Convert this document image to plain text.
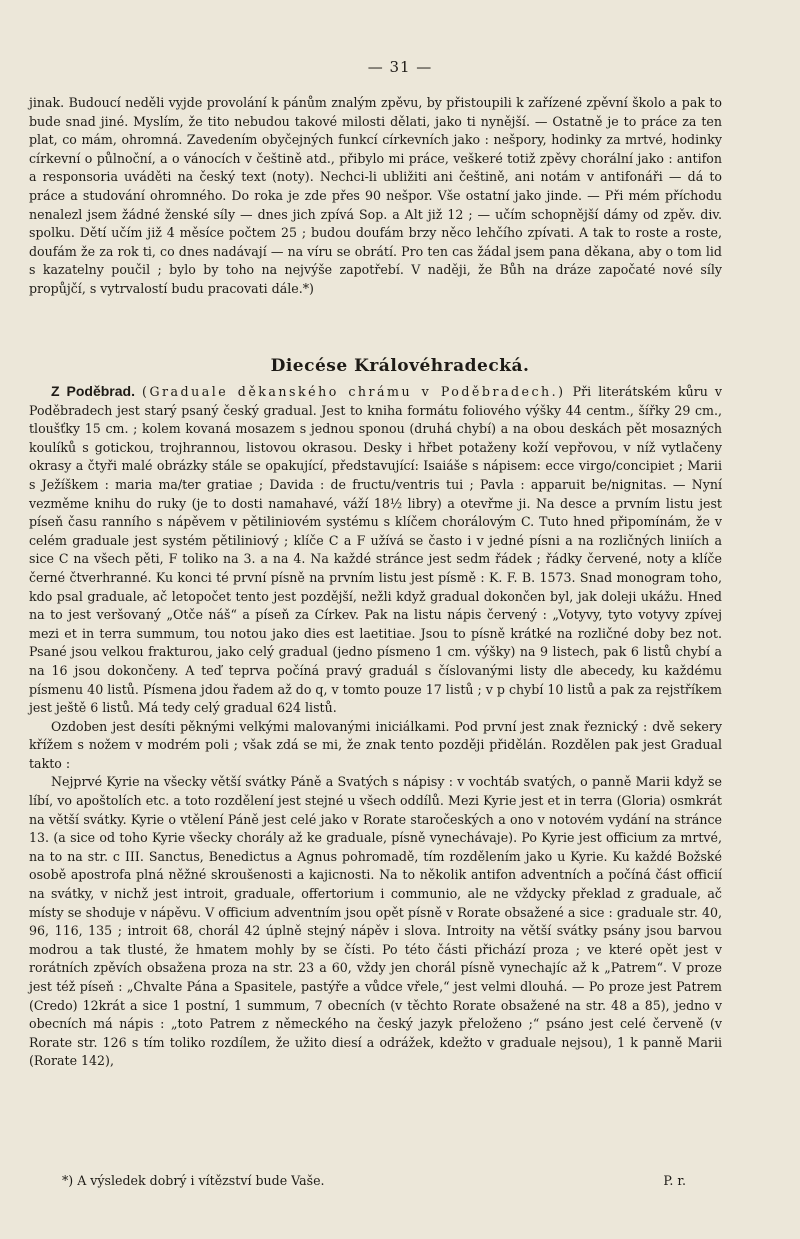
— 31 —

jinak. Budoucí neděli vyjde provolání k pánům znalým zpěvu, by přistoupili k zařízené zpěvní školo a pak to bude snad jiné. Myslím, že tito nebudou takové milosti dělati, jako ti nynější. — Ostatně je to práce za ten plat, co mám, ohromná. Zavedením obyčejných funkcí církevních jako : nešpory, hodinky za mrtvé, hodinky církevní o půlnoční, a o vánocích v češtině atd., přibylo mi práce, veškeré totiž zpěvy chorální jako : antifon a responsoria uváděti na český text (noty). Nechci-li ubližiti ani češtině, ani notám v antifonáři — dá to práce a studování ohromného. Do roka je zde přes 90 nešpor. Vše ostatní jako jinde. — Při mém příchodu nenalezl jsem žádné ženské síly — dnes jich zpívá Sop. a Alt již 12 ; — učím schopnější dámy od zpěv. div. spolku. Dětí učím již 4 měsíce počtem 25 ; budou doufám brzy něco lehčího zpívati. A tak to roste a roste, doufám že za rok ti, co dnes nadávají — na víru se obrátí. Pro ten cas žádal jsem pana děkana, aby o tom lid s kazatelny poučil ; bylo by toho na nejvýše zapotřebí. V naději, že Bůh na dráze započaté nové síly propůjčí, s vytrvalostí budu pracovati dále.*)

Diecése Královéhradecká.

Z Poděbrad. (Graduale děkanského chrámu v Poděbradech.) Při literátském kůru v Poděbradech jest starý psaný český gradual. Jest to kniha formátu foliového výšky 44 centm., šířky 29 cm., tloušťky 15 cm. ; kolem kovaná mosazem s jednou sponou (druhá chybí) a na obou deskách pět mosazných koulíků s gotickou, trojhrannou, listovou okrasou. Desky i hřbet potaženy koží vepřovou, v níž vytlačeny okrasy a čtyři malé obrázky stále se opakující, představující: Isaiáše s nápisem: ecce virgo/concipiet ; Marii s Ježíškem : maria ma/ter gratiae ; Davida : de fructu/ventris tui ; Pavla : apparuit be/nignitas. — Nyní vezměme knihu do ruky (je to dosti namahavé, váží 18½ libry) a otevřme ji. Na desce a prvním listu jest píseň času ranního s nápěvem v pětiliniovém systému s klíčem chorálovým C. Tuto hned připomínám, že v celém graduale jest systém pětiliniový ; klíče C a F užívá se často i v jedné písni a na rozličných liniích a sice C na všech pěti, F toliko na 3. a na 4. Na každé stránce jest sedm řádek ; řádky červené, noty a klíče černé čtverhranné. Ku konci té první písně na prvním listu jest písmě : K. F. B. 1573. Snad monogram toho, kdo psal graduale, ač letopočet tento jest pozdější, nežli když gradual dokončen byl, jak doleji ukážu. Hned na to jest veršovaný „Otče náš“ a píseň za Církev. Pak na listu nápis červený : „Votyvy, tyto votyvy zpívej mezi et in terra summum, tou notou jako dies est laetitiae. Jsou to písně krátké na rozličné doby bez not. Psané jsou velkou frakturou, jako celý gradual (jedno písmeno 1 cm. výšky) na 9 listech, pak 6 listů chybí a na 16 jsou dokončeny. A teď teprva počíná pravý graduál s číslovanými listy dle abecedy, ku každému písmenu 40 listů. Písmena jdou řadem až do q, v tomto pouze 17 listů ; v p chybí 10 listů a pak za rejstříkem jest ještě 6 listů. Má tedy celý gradual 624 listů.

Ozdoben jest desíti pěknými velkými malovanými iniciálkami. Pod první jest znak řeznický : dvě sekery křížem s nožem v modrém poli ; však zdá se mi, že znak tento později přidělán. Rozdělen pak jest Gradual takto :

Nejprvé Kyrie na všecky větší svátky Páně a Svatých s nápisy : v vochtáb svatých, o panně Marii když se líbí, vo apoštolích etc. a toto rozdělení jest stejné u všech oddílů. Mezi Kyrie jest et in terra (Gloria) osmkrát na větší svátky. Kyrie o vtělení Páně jest celé jako v Rorate staročeských a ono v notovém vydání na stránce 13. (a sice od toho Kyrie všecky chorály až ke graduale, písně vynechávaje). Po Kyrie jest officium za mrtvé, na to na str. c III. Sanctus, Benedictus a Agnus pohromadě, tím rozdělením jako u Kyrie. Ku každé Božské osobě apostrofa plná něžné skroušenosti a kajicnosti. Na to několik antifon adventních a počíná část officií na svátky, v nichž jest introit, graduale, offertorium i communio, ale ne vždycky překlad z graduale, ač místy se shoduje v nápěvu. V officium adventním jsou opět písně v Rorate obsažené a sice : graduale str. 40, 96, 116, 135 ; introit 68, chorál 42 úplně stejný nápěv i slova. Introity na větší svátky psány jsou barvou modrou a tak tlusté, že hmatem mohly by se čísti. Po této části přichází proza ; ve které opět jest v rorátních zpěvích obsažena proza na str. 23 a 60, vždy jen chorál písně vynechajíc až k „Patrem“. V proze jest též píseň : „Chvalte Pána a Spasitele, pastýře a vůdce vřele,“ jest velmi dlouhá. — Po proze jest Patrem (Credo) 12krát a sice 1 postní, 1 summum, 7 obecních (v těchto Rorate obsažené na str. 48 a 85), jedno v obecních má nápis : „toto Patrem z německého na český jazyk přeloženo ;“ psáno jest celé červeně (v Rorate str. 126 s tím toliko rozdílem, že užito diesí a odrážek, kdežto v graduale nejsou), 1 k panně Marii (Rorate 142),

*) A výsledek dobrý i vítězství bude Vaše.	P. r.
